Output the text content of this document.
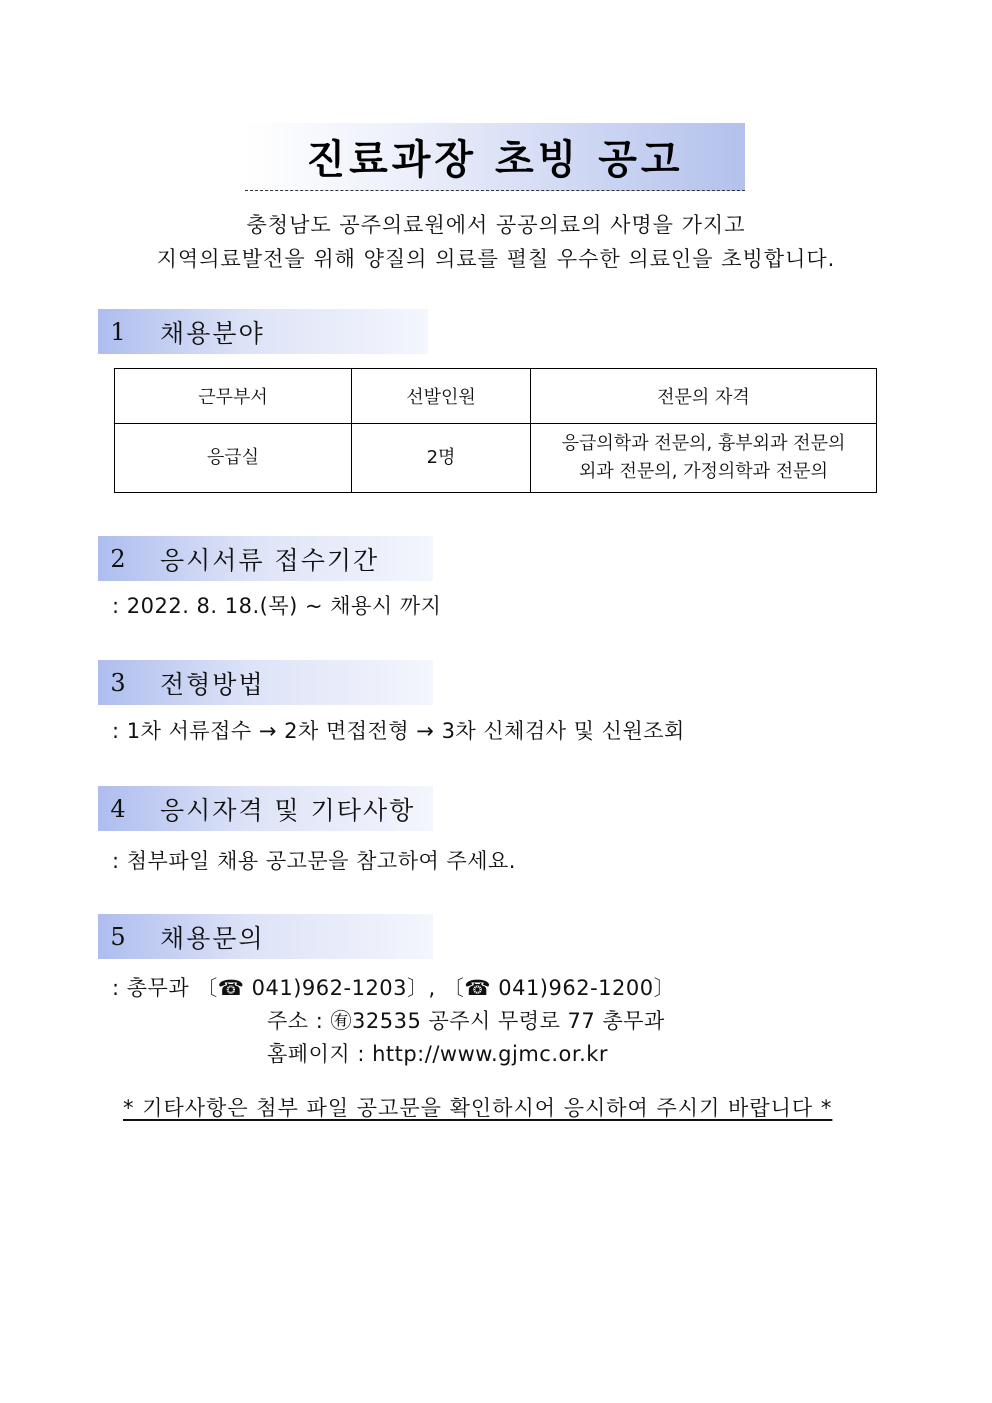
진료과장 초빙 공고
충청남도 공주의료원에서 공공의료의 사명을 가지고
지역의료발전을 위해 양질의 의료를 펼칠 우수한 의료인을 초빙합니다.
1	채용분야
근무부서	선발인원	전문의 자격
응급실	2명	응급의학과 전문의, 흉부외과 전문의
외과 전문의, 가정의학과 전문의
2	응시서류 접수기간
: 2022. 8. 18.(목) ~ 채용시 까지
3	전형방법
: 1차 서류접수 → 2차 면접전형 → 3차 신체검사 및 신원조회
4	응시자격 및 기타사항
: 첨부파일 채용 공고문을 참고하여 주세요.
5	채용문의
: 총무과 〔☎ 041)962-1203〕, 〔☎ 041)962-1200〕
주소 : ㊒32535 공주시 무령로 77 총무과
홈페이지 : http://www.gjmc.or.kr
* 기타사항은 첨부 파일 공고문을 확인하시어 응시하여 주시기 바랍니다 *
